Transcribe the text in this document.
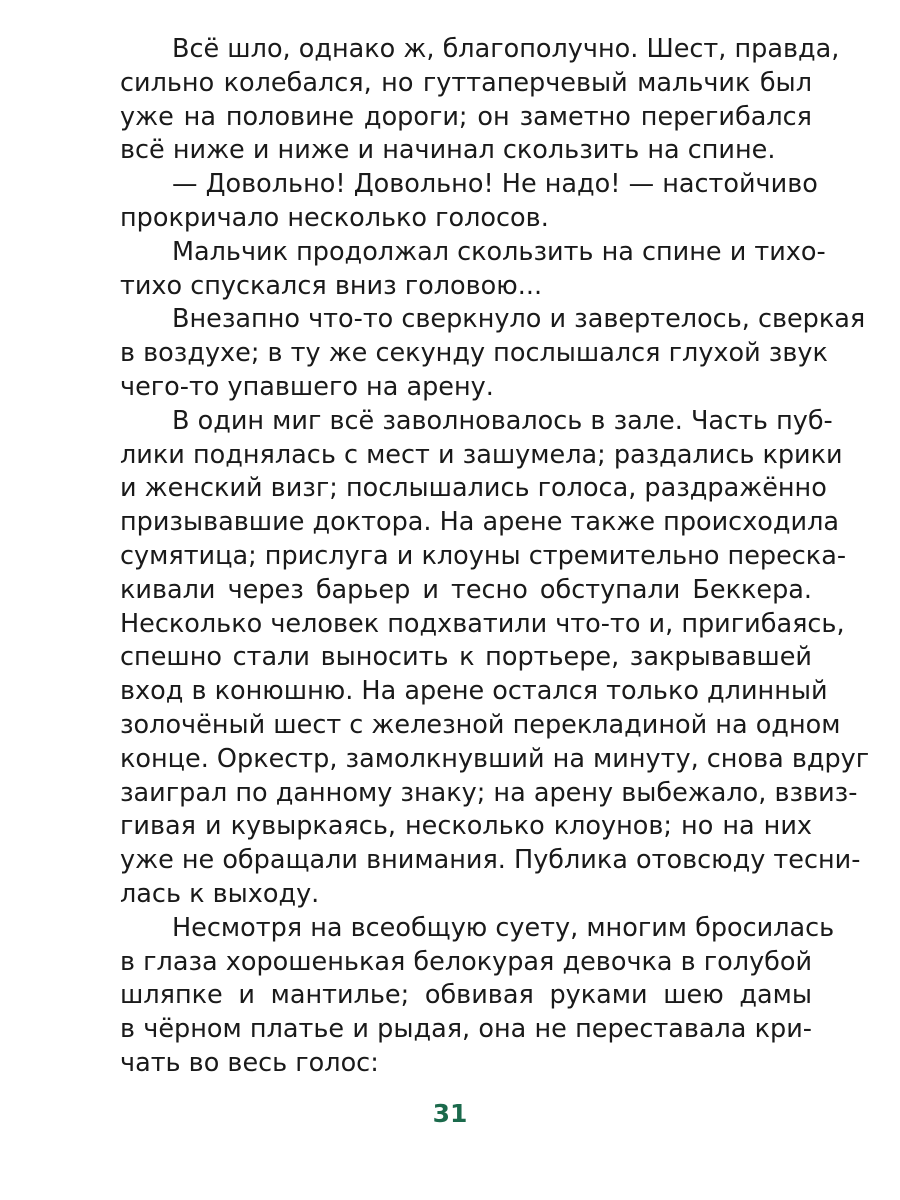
Всё шло, однако ж, благополучно. Шест, правда,
сильно колебался, но гуттаперчевый мальчик был
уже на половине дороги; он заметно перегибался
всё ниже и ниже и начинал скользить на спине.
— Довольно! Довольно! Не надо! — настойчиво
прокричало несколько голосов.
Мальчик продолжал скользить на спине и тихо-
тихо спускался вниз головою...
Внезапно что-то сверкнуло и завертелось, сверкая
в воздухе; в ту же секунду послышался глухой звук
чего-то упавшего на арену.
В один миг всё заволновалось в зале. Часть пуб-
лики поднялась с мест и зашумела; раздались крики
и женский визг; послышались голоса, раздражённо
призывавшие доктора. На арене также происходила
сумятица; прислуга и клоуны стремительно переска-
кивали через барьер и тесно обступали Беккера.
Несколько человек подхватили что-то и, пригибаясь,
спешно стали выносить к портьере, закрывавшей
вход в конюшню. На арене остался только длинный
золочёный шест с железной перекладиной на одном
конце. Оркестр, замолкнувший на минуту, снова вдруг
заиграл по данному знаку; на арену выбежало, взвиз-
гивая и кувыркаясь, несколько клоунов; но на них
уже не обращали внимания. Публика отовсюду тесни-
лась к выходу.
Несмотря на всеобщую суету, многим бросилась
в глаза хорошенькая белокурая девочка в голубой
шляпке и мантилье; обвивая руками шею дамы
в чёрном платье и рыдая, она не переставала кри-
чать во весь голос:
31
